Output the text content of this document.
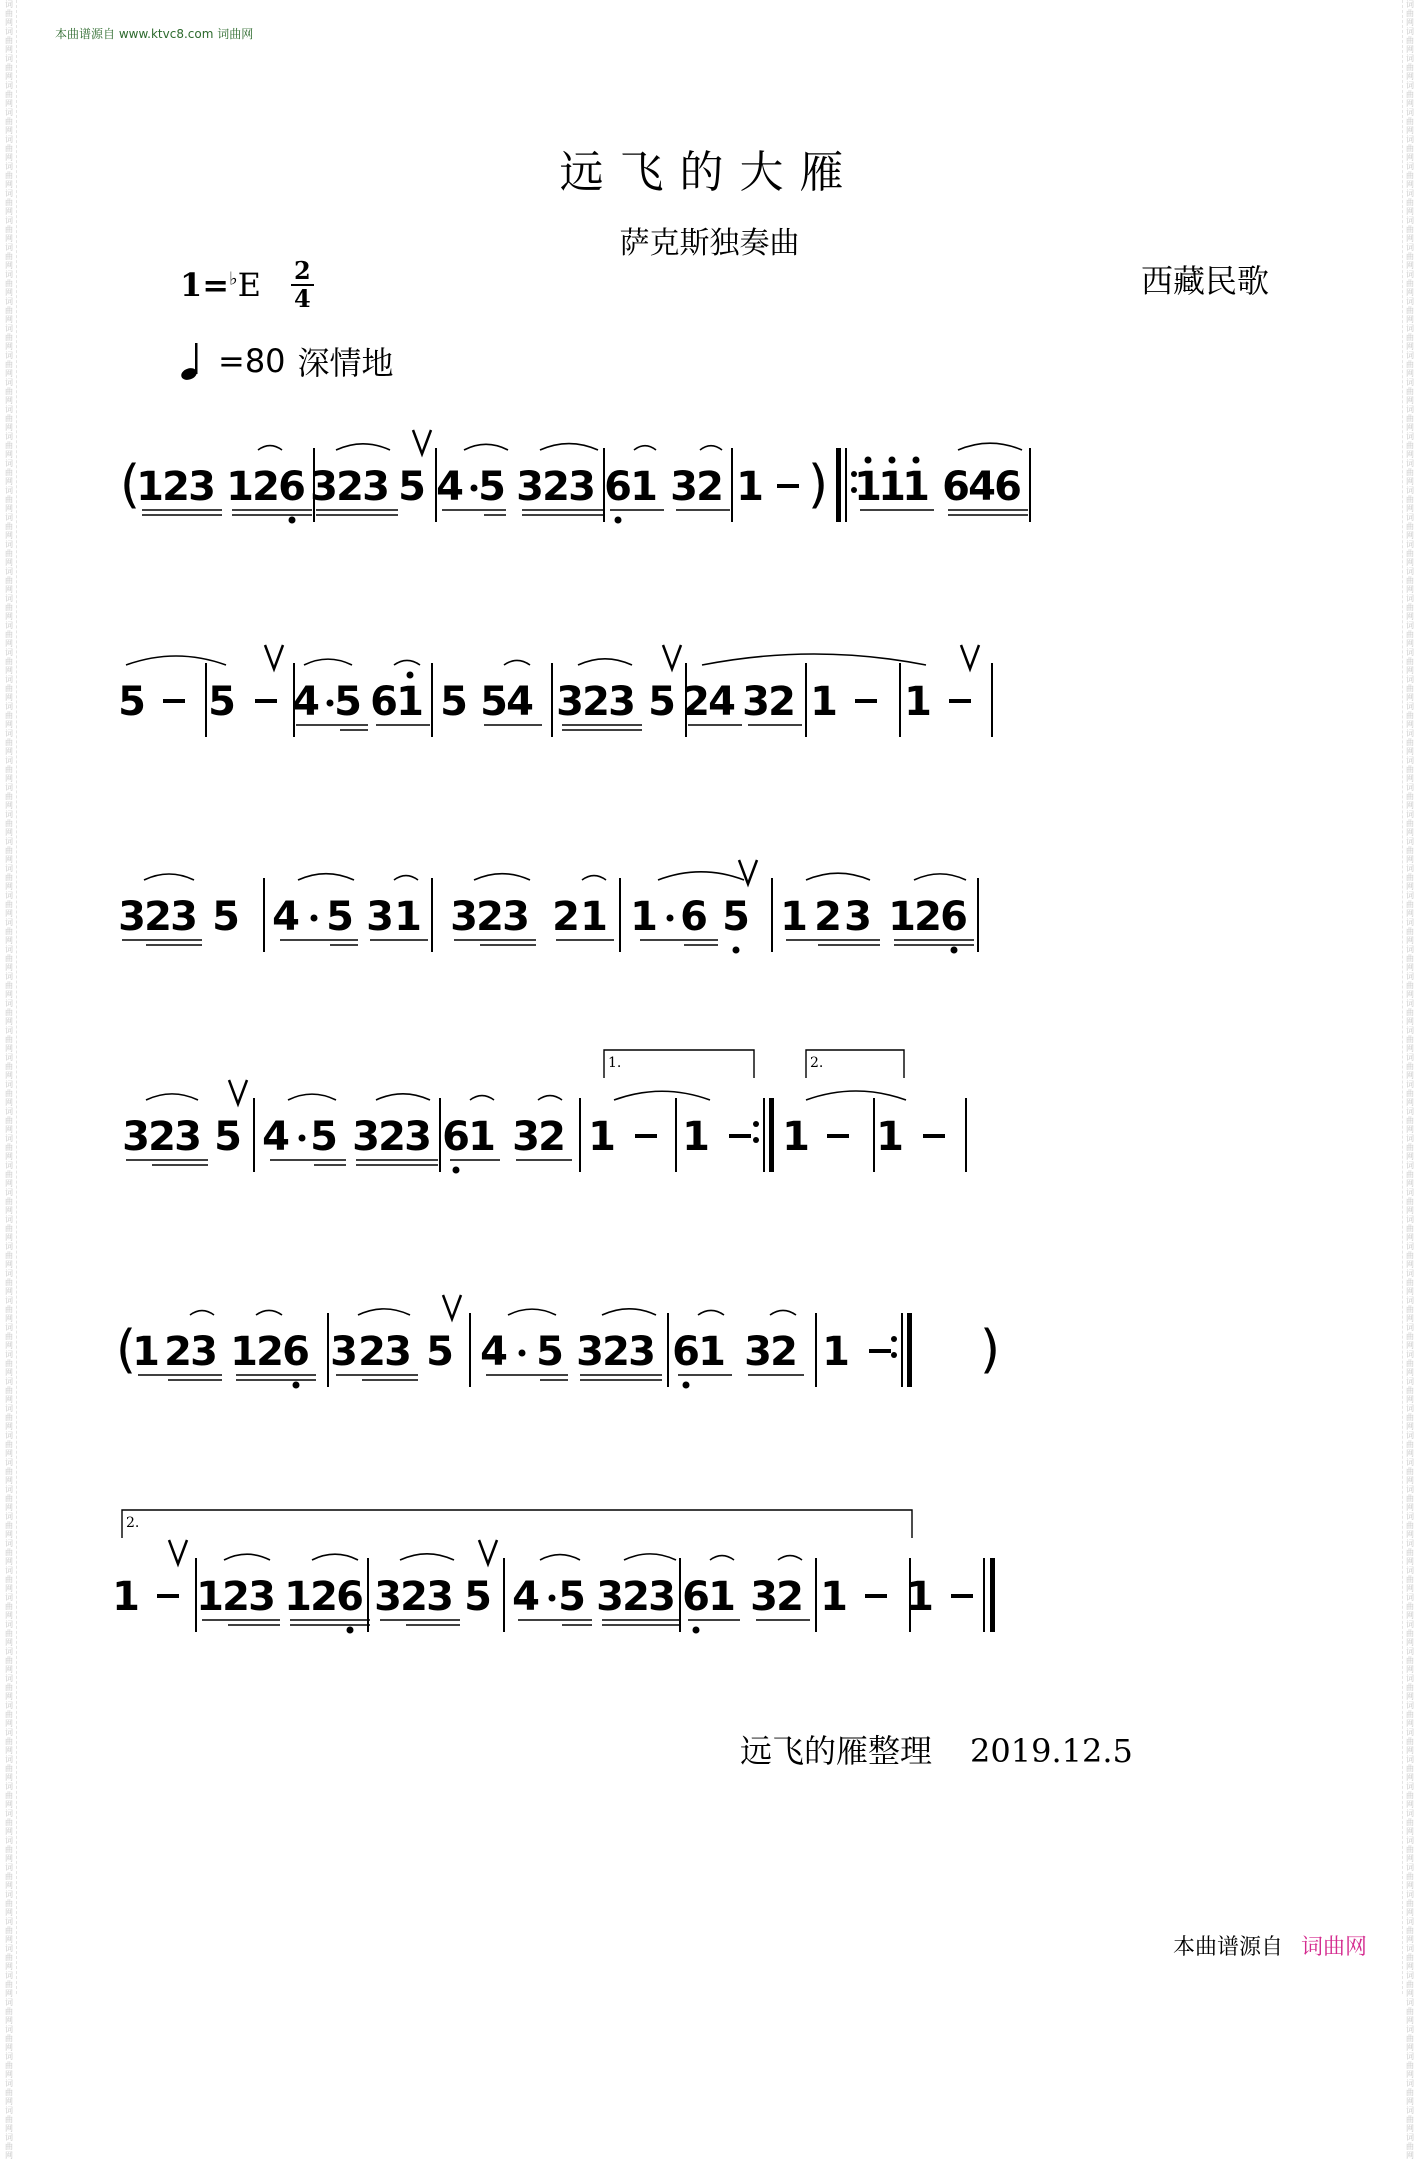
词曲网词曲网词曲网词曲网词曲网词曲网词曲网词曲网词曲网词曲网词曲网词曲网词曲网词曲网词曲网词曲网词曲网词曲网词曲网词曲网词曲网词曲网词曲网词曲网词曲网词曲网词曲网词曲网词曲网词曲网词曲网词曲网词曲网词曲网词曲网词曲网词曲网词曲网词曲网词曲网词曲网词曲网词曲网词曲网词曲网词曲网词曲网词曲网词曲网词曲网词曲网词曲网词曲网词曲网词曲网词曲网词曲网词曲网词曲网词曲网词曲网词曲网词曲网词曲网词曲网词曲网词曲网词曲网词曲网词曲网词曲网词曲网词曲网词曲网词曲网词曲网词曲网词曲网词曲网词曲网
词曲网词曲网词曲网词曲网词曲网词曲网词曲网词曲网词曲网词曲网词曲网词曲网词曲网词曲网词曲网词曲网词曲网词曲网词曲网词曲网词曲网词曲网词曲网词曲网词曲网词曲网词曲网词曲网词曲网词曲网词曲网词曲网词曲网词曲网词曲网词曲网词曲网词曲网词曲网词曲网词曲网词曲网词曲网词曲网词曲网词曲网词曲网词曲网词曲网词曲网词曲网词曲网词曲网词曲网词曲网词曲网词曲网词曲网词曲网词曲网词曲网词曲网词曲网词曲网词曲网词曲网词曲网词曲网词曲网词曲网词曲网词曲网词曲网词曲网词曲网词曲网词曲网词曲网词曲网词曲网
本曲谱源自 www.ktvc8.com 词曲网
远飞的大雁
萨克斯独奏曲
$1=^♭E \frac{2}{4}$	西藏民歌
=80 深情地
(
1
2
3 1
2
6 3
2
3 5 4 5 3
2
3 6
1 3
2 1 ) 1
1
1 6
4
6
5 5 4 5 6
1 5 5
4 3
2
3 5 2
4 3
2 1 1
3
2
3 5 4 5 3 1 3
2
3 2 1 1 6 5 1 2 3 1
2
6
3
2
3 5 4 5 3
2
3 6
1 3
2 1 1 1 1
1.	2.
(
1 2
3 1
2
6 3 2
3 5 4 5 3
2
3 6
1 3
2 1 )
1 1
2
3 1
2
6 3
2
3 5 4 5 3
2
3 6
1 3
2 1 1
2.
远飞的雁整理 2019.12.5
本曲谱源自 词曲网
